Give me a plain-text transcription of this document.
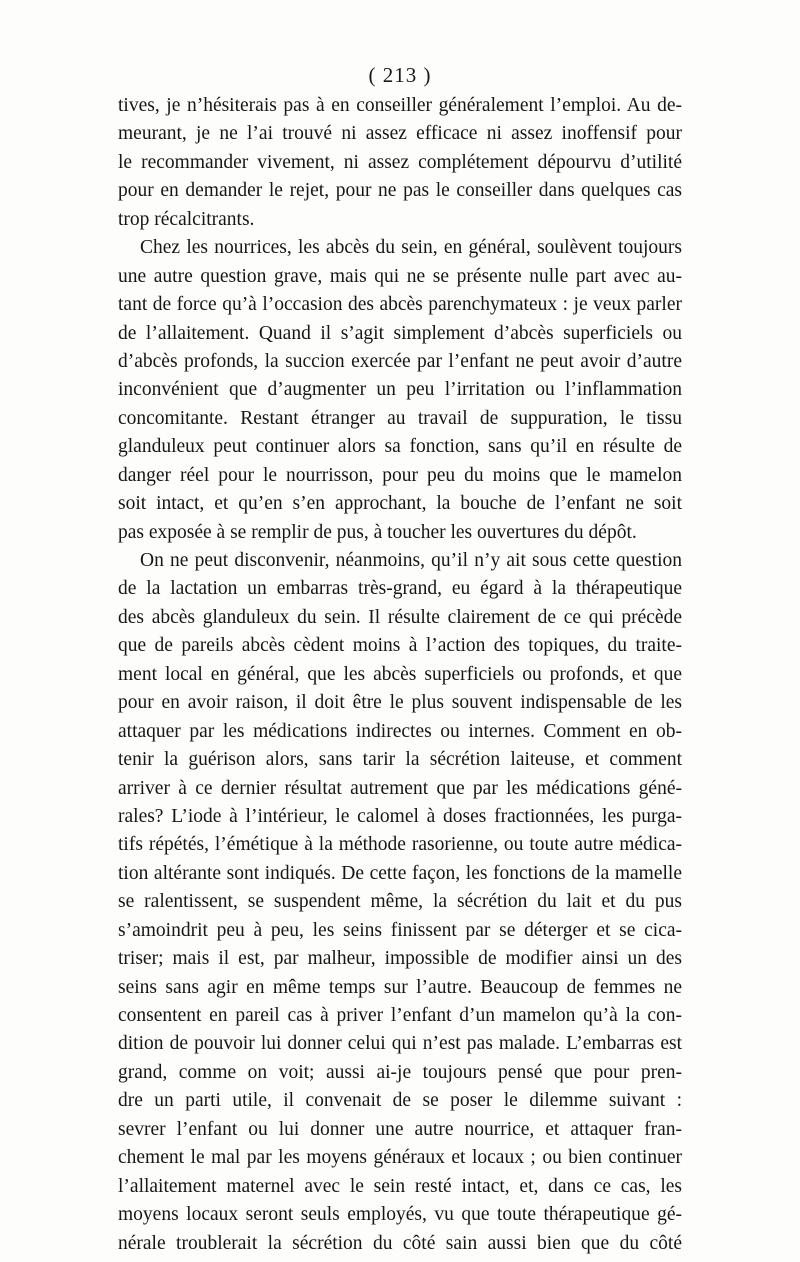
( 213 )
tives, je n’hésiterais pas à en conseiller généralement l’emploi. Au de-
meurant, je ne l’ai trouvé ni assez efficace ni assez inoffensif pour
le recommander vivement, ni assez complétement dépourvu d’utilité
pour en demander le rejet, pour ne pas le conseiller dans quelques cas
trop récalcitrants.
Chez les nourrices, les abcès du sein, en général, soulèvent toujours
une autre question grave, mais qui ne se présente nulle part avec au-
tant de force qu’à l’occasion des abcès parenchymateux : je veux parler
de l’allaitement. Quand il s’agit simplement d’abcès superficiels ou
d’abcès profonds, la succion exercée par l’enfant ne peut avoir d’autre
inconvénient que d’augmenter un peu l’irritation ou l’inflammation
concomitante. Restant étranger au travail de suppuration, le tissu
glanduleux peut continuer alors sa fonction, sans qu’il en résulte de
danger réel pour le nourrisson, pour peu du moins que le mamelon
soit intact, et qu’en s’en approchant, la bouche de l’enfant ne soit
pas exposée à se remplir de pus, à toucher les ouvertures du dépôt.
On ne peut disconvenir, néanmoins, qu’il n’y ait sous cette question
de la lactation un embarras très-grand, eu égard à la thérapeutique
des abcès glanduleux du sein. Il résulte clairement de ce qui précède
que de pareils abcès cèdent moins à l’action des topiques, du traite-
ment local en général, que les abcès superficiels ou profonds, et que
pour en avoir raison, il doit être le plus souvent indispensable de les
attaquer par les médications indirectes ou internes. Comment en ob-
tenir la guérison alors, sans tarir la sécrétion laiteuse, et comment
arriver à ce dernier résultat autrement que par les médications géné-
rales? L’iode à l’intérieur, le calomel à doses fractionnées, les purga-
tifs répétés, l’émétique à la méthode rasorienne, ou toute autre médica-
tion altérante sont indiqués. De cette façon, les fonctions de la mamelle
se ralentissent, se suspendent même, la sécrétion du lait et du pus
s’amoindrit peu à peu, les seins finissent par se déterger et se cica-
triser; mais il est, par malheur, impossible de modifier ainsi un des
seins sans agir en même temps sur l’autre. Beaucoup de femmes ne
consentent en pareil cas à priver l’enfant d’un mamelon qu’à la con-
dition de pouvoir lui donner celui qui n’est pas malade. L’embarras est
grand, comme on voit; aussi ai-je toujours pensé que pour pren-
dre un parti utile, il convenait de se poser le dilemme suivant :
sevrer l’enfant ou lui donner une autre nourrice, et attaquer fran-
chement le mal par les moyens généraux et locaux ; ou bien continuer
l’allaitement maternel avec le sein resté intact, et, dans ce cas, les
moyens locaux seront seuls employés, vu que toute thérapeutique gé-
nérale troublerait la sécrétion du côté sain aussi bien que du côté
